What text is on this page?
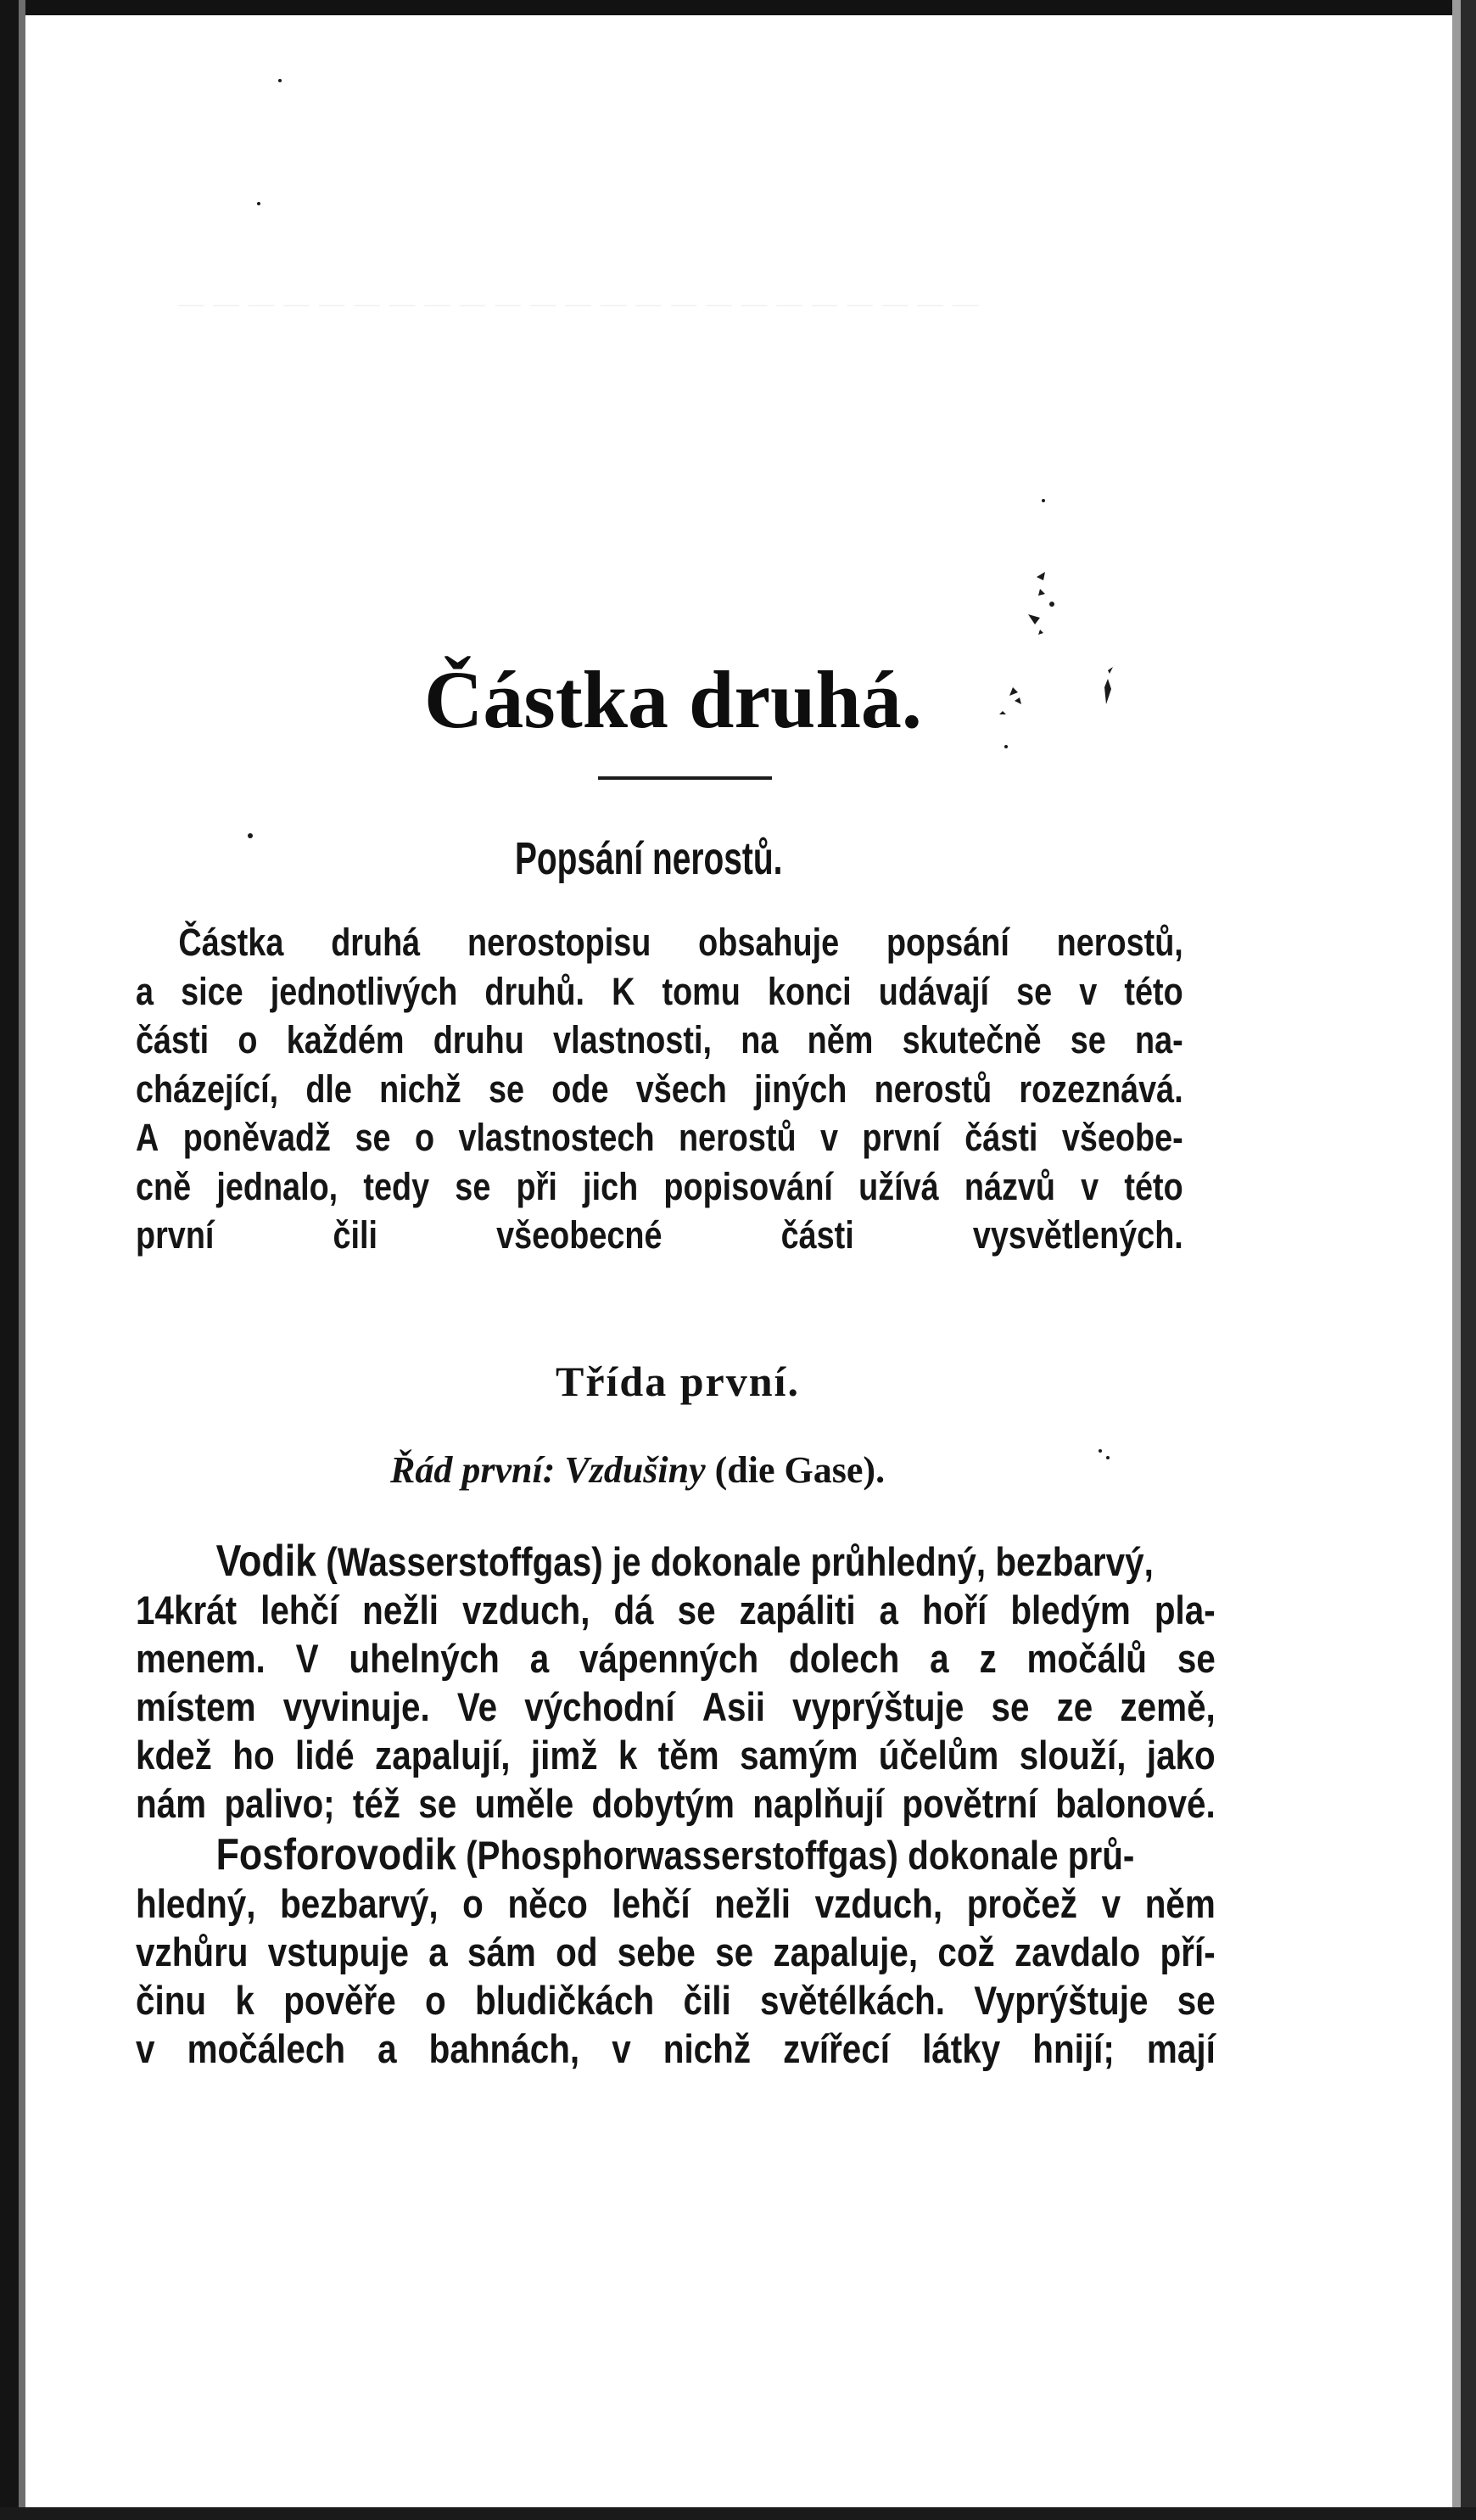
— — — — — — — — — — — — — — — — — — — — — — —
Částka druhá.
Popsání nerostů.
Částka druhá nerostopisu obsahuje popsání nerostů,
a sice jednotlivých druhů. K tomu konci udávají se v této
části o každém druhu vlastnosti, na něm skutečně se na-
cházející, dle nichž se ode všech jiných nerostů rozeznává.
A poněvadž se o vlastnostech nerostů v první části všeobe-
cně jednalo, tedy se při jich popisování užívá názvů v této
první čili všeobecné části vysvětlených.
Třída první.
Řád první: Vzdušiny (die Gase).
Vodik (Wasserstoffgas) je dokonale průhledný, bezbarvý,
14krát lehčí nežli vzduch, dá se zapáliti a hoří bledým pla-
menem. V uhelných a vápenných dolech a z močálů se
místem vyvinuje. Ve východní Asii vyprýštuje se ze země,
kdež ho lidé zapalují, jimž k těm samým účelům slouží, jako
nám palivo; též se uměle dobytým naplňují povětrní balonové.
Fosforovodik (Phosphorwasserstoffgas) dokonale prů-
hledný, bezbarvý, o něco lehčí nežli vzduch, pročež v něm
vzhůru vstupuje a sám od sebe se zapaluje, což zavdalo pří-
činu k pověře o bludičkách čili světélkách. Vyprýštuje se
v močálech a bahnách, v nichž zvířecí látky hnijí; mají
